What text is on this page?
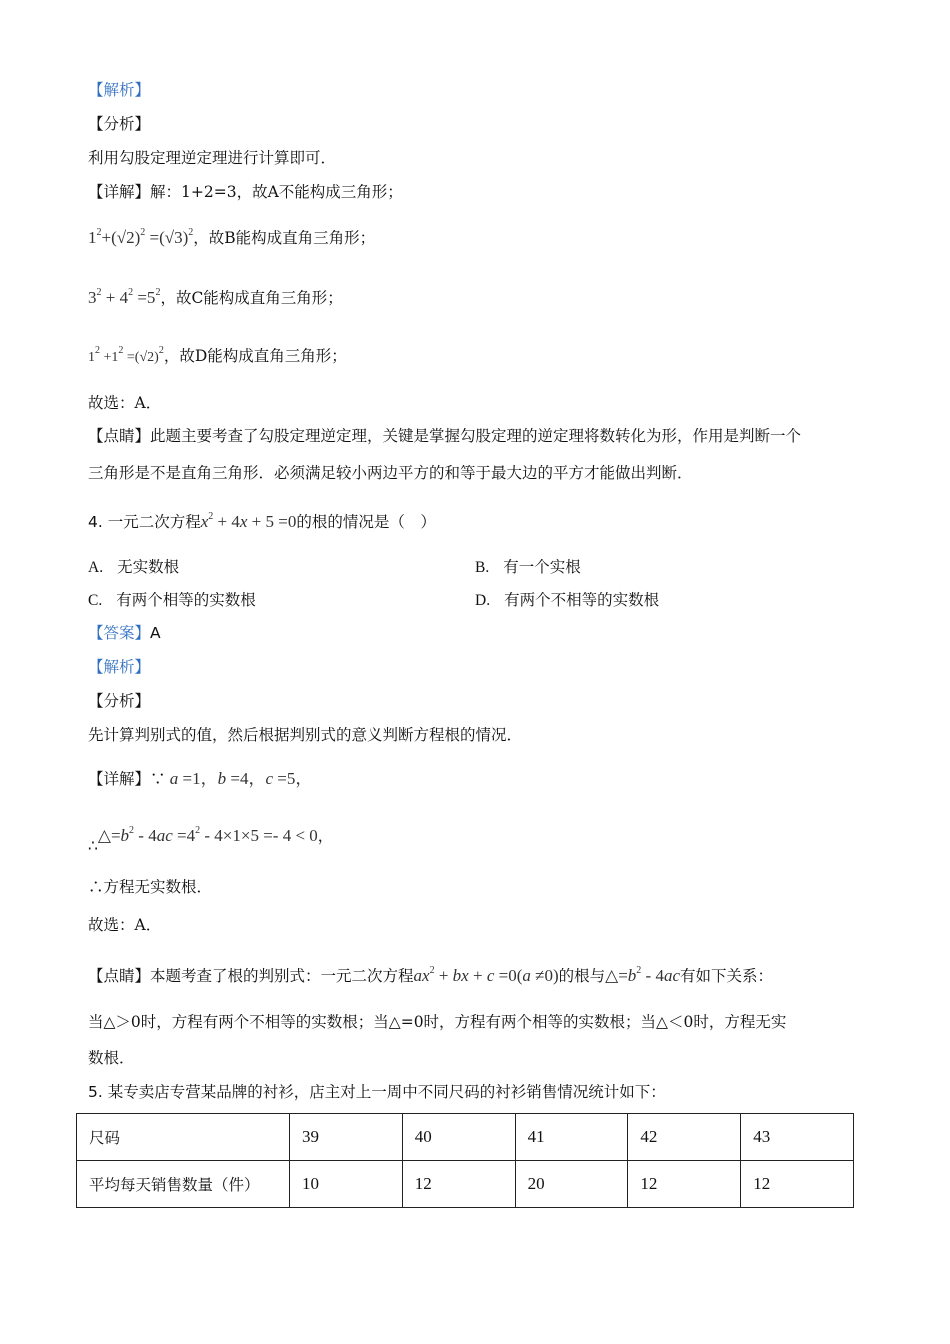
【解析】
【分析】
利用勾股定理逆定理进行计算即可．
【详解】解：1+2=3，故A不能构成三角形；
$1^2+(√2)^2 =(√3)^2$，故B能构成直角三角形；
$3^2 + 4^2 =5^2$，故C能构成直角三角形；
$1^2 +1^2 =(√2)^2$，故D能构成直角三角形；
故选：A．
【点睛】此题主要考查了勾股定理逆定理，关键是掌握勾股定理的逆定理将数转化为形，作用是判断一个
三角形是不是直角三角形．必须满足较小两边平方的和等于最大边的平方才能做出判断．
4. 一元二次方程$x^2 + 4x + 5 =0$的根的情况是（　）
A. 无实数根	B. 有一个实根
C. 有两个相等的实数根	D. 有两个不相等的实数根
【答案】A
【解析】
【分析】
先计算判别式的值，然后根据判别式的意义判断方程根的情况．
【详解】∵ a =1，b =4，c =5，
$\therefore\triangle=b^2 - 4ac =4^2 - 4\times 1\times 5 =- 4 < 0$，
∴方程无实数根．
故选：A．
【点睛】本题考查了根的判别式：一元二次方程$ax^2$ + bx + c =0(a ≠0)的根与$\triangle=b^2 - 4ac$有如下关系：
当△＞0时，方程有两个不相等的实数根；当△=0时，方程有两个相等的实数根；当△＜0时，方程无实
数根．
5. 某专卖店专营某品牌的衬衫，店主对上一周中不同尺码的衬衫销售情况统计如下：
尺码	39	40	41	42	43
平均每天销售数量（件）	10	12	20	12	12
